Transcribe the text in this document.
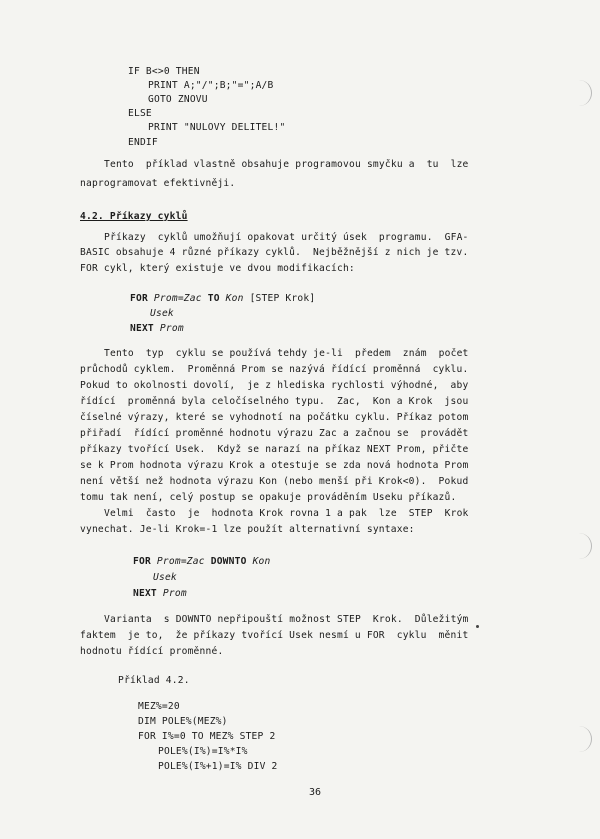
IF B<>0 THEN
PRINT A;"/";B;"=";A/B
GOTO ZNOVU
ELSE
PRINT "NULOVY DELITEL!"
ENDIF
Tento  příklad vlastně obsahuje programovou smyčku a  tu  lze
naprogramovat efektivněji.
4.2. Příkazy cyklů
Příkazy  cyklů umožňují opakovat určitý úsek  programu.  GFA-
BASIC obsahuje 4 různé příkazy cyklů.  Nejběžnější z nich je tzv.
FOR cykl, který existuje ve dvou modifikacích:
FOR Prom=Zac TO Kon [STEP Krok]
Usek
NEXT Prom
Tento  typ  cyklu se používá tehdy je-li  předem  znám  počet
průchodů cyklem.  Proměnná Prom se nazývá řídící proměnná  cyklu.
Pokud to okolnosti dovolí,  je z hlediska rychlosti výhodné,  aby
řídící  proměnná byla celočíselného typu.  Zac,  Kon a Krok  jsou
číselné výrazy, které se vyhodnotí na počátku cyklu. Příkaz potom
přiřadí  řídící proměnné hodnotu výrazu Zac a začnou se  provádět
příkazy tvořící Usek.  Když se narazí na příkaz NEXT Prom, přičte
se k Prom hodnota výrazu Krok a otestuje se zda nová hodnota Prom
není větší než hodnota výrazu Kon (nebo menší při Krok<0).  Pokud
tomu tak není, celý postup se opakuje prováděním Useku příkazů.
Velmi  často  je  hodnota Krok rovna 1 a pak  lze  STEP  Krok
vynechat. Je-li Krok=-1 lze použít alternativní syntaxe:
FOR Prom=Zac DOWNTO Kon
Usek
NEXT Prom
Varianta  s DOWNTO nepřipouští možnost STEP  Krok.  Důležitým
faktem  je to,  že příkazy tvořící Usek nesmí u FOR  cyklu  měnit
hodnotu řídící proměnné.
Příklad 4.2.
MEZ%=20
DIM POLE%(MEZ%)
FOR I%=0 TO MEZ% STEP 2
POLE%(I%)=I%*I%
POLE%(I%+1)=I% DIV 2
36
